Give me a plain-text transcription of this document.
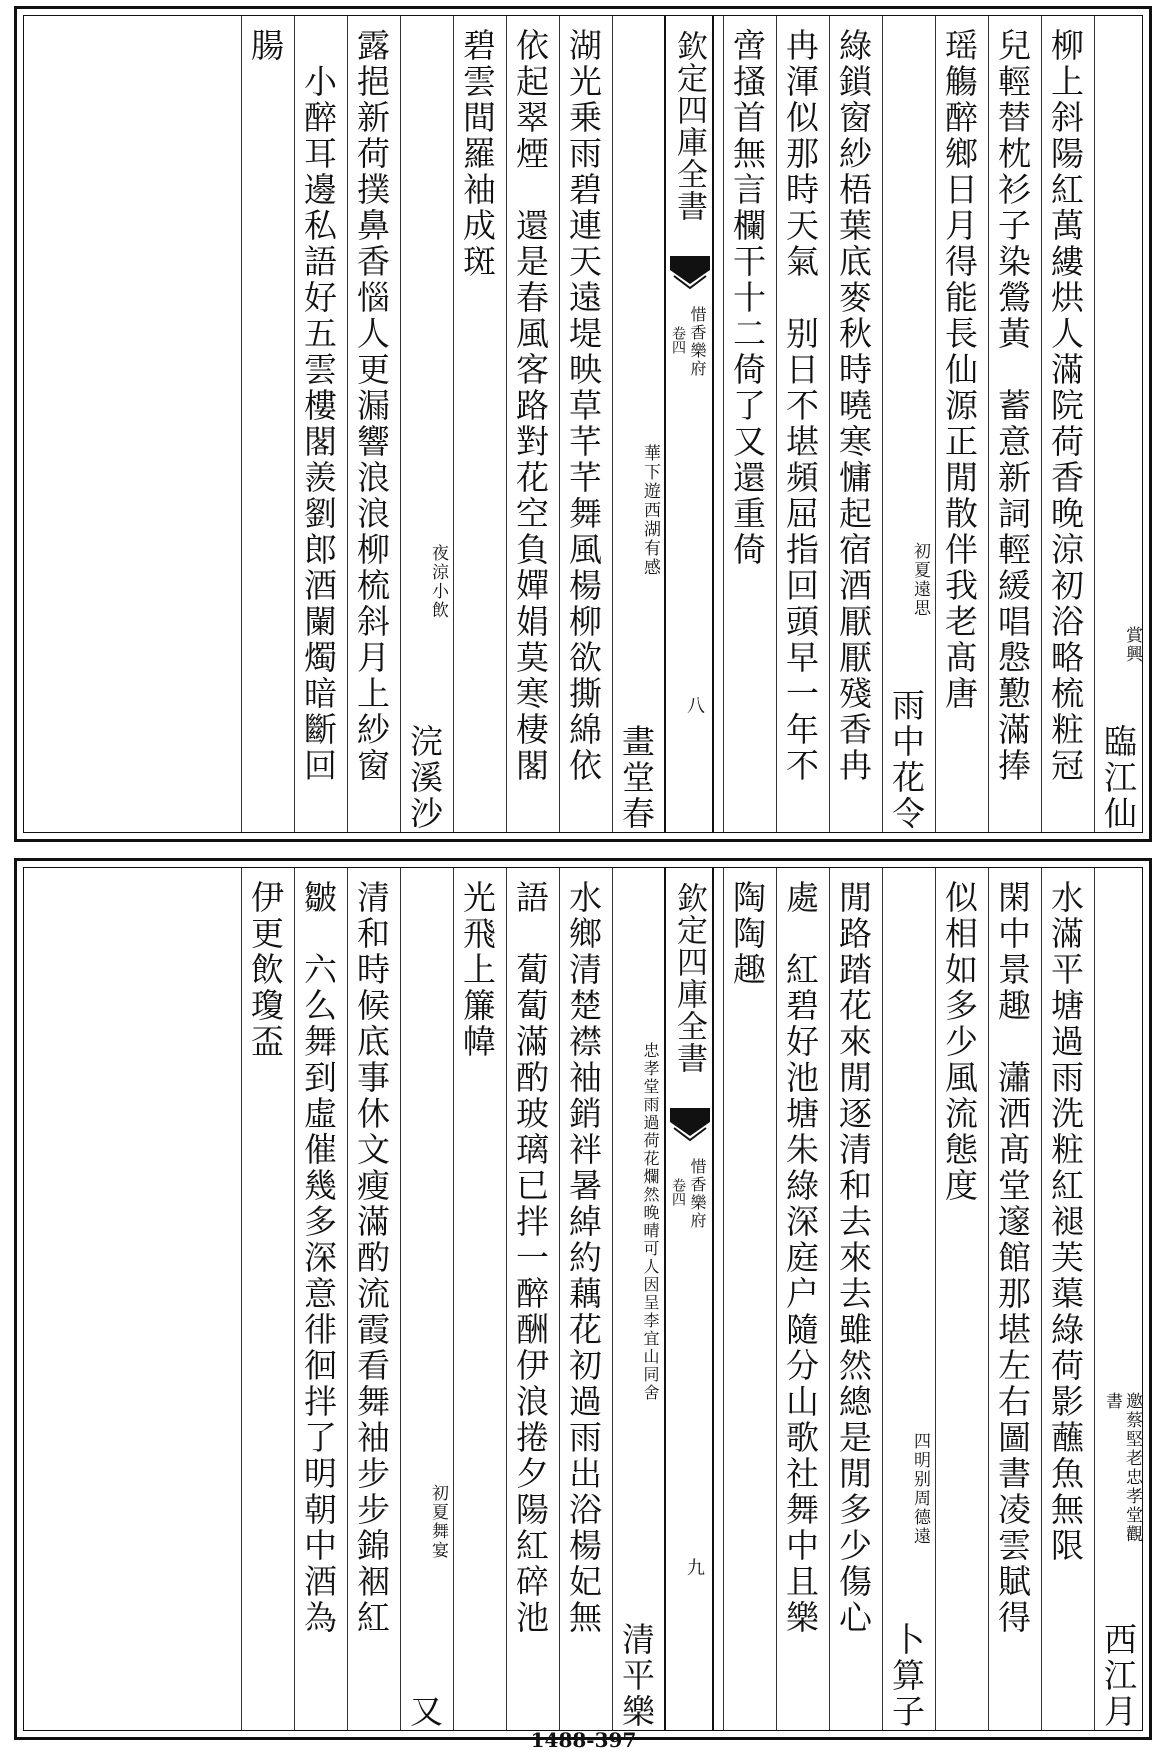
臨江仙
賞興
柳上斜陽紅萬縷烘人滿院荷香晚涼初浴略梳粧冠
兒輕替枕衫子染鶯黃　蓄意新詞輕緩唱慇懃滿捧
瑶觴醉鄉日月得能長仙源正閒散伴我老髙唐
雨中花令
初夏遠思
綠鎖窗紗梧葉底麥秋時曉寒慵起宿酒厭厭殘香冉
冉渾似那時天氣　别日不堪頻屈指回頭早一年不
啻搔首無言欄干十二倚了又還重倚
欽定四庫全書
惜香樂府
卷四
八
畫堂春
華下遊西湖有感
湖光乗雨碧連天遠堤映草芊芊舞風楊柳欲撕綿依
依起翠煙　還是春風客路對花空負嬋娟莫寒棲閣
碧雲間羅袖成斑
浣溪沙
夜涼小飲
露挹新荷撲鼻香惱人更漏響浪浪柳梳斜月上紗窗
　小醉耳邊私語好五雲樓閣羨劉郎酒闌燭暗斷回
腸
西江月
邀蔡堅老忠孝堂觀書
水滿平塘過雨洗粧紅褪芙蕖綠荷影蘸魚無限
閑中景趣　瀟洒髙堂邃館那堪左右圖書凌雲賦得
似相如多少風流態度
卜算子
四明别周德遠
閒路踏花來閒逐清和去來去雖然總是閒多少傷心
處　紅碧好池塘朱綠深庭户隨分山歌社舞中且樂
陶陶趣
欽定四庫全書
惜香樂府
卷四
九
清平樂
忠孝堂雨過荷花爛然晚晴可人因呈李宜山同舍
水鄉清楚襟袖銷袢暑綽約藕花初過雨出浴楊妃無
語　蔔蔔滿酌玻璃已拌一醉酬伊浪捲夕陽紅碎池
光飛上簾幃
又
初夏舞宴
清和時候底事休文瘦滿酌流霞看舞袖步步錦裀紅
皺　六么舞到虛催幾多深意徘徊拌了明朝中酒為
伊更飲瓊盃
1488-397
